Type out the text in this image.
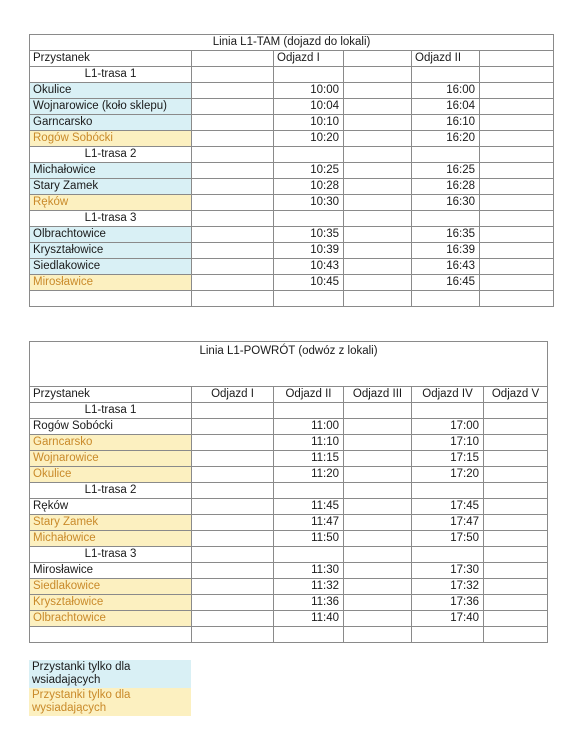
Linia L1-TAM (dojazd do lokali)					
Przystanek		Odjazd I		Odjazd II	
L1-trasa 1					
Okulice		10:00		16:00	
Wojnarowice (koło sklepu)		10:04		16:04	
Garncarsko		10:10		16:10	
Rogów Sobócki		10:20		16:20	
L1-trasa 2					
Michałowice		10:25		16:25	
Stary Zamek		10:28		16:28	
Ręków		10:30		16:30	
L1-trasa 3					
Olbrachtowice		10:35		16:35	
Kryształowice		10:39		16:39	
Siedlakowice		10:43		16:43	
Mirosławice		10:45		16:45	

Linia L1-POWRÓT (odwóz z lokali)					
Przystanek	Odjazd I	Odjazd II	Odjazd III	Odjazd IV	Odjazd V
L1-trasa 1					
Rogów Sobócki		11:00		17:00	
Garncarsko		11:10		17:10	
Wojnarowice		11:15		17:15	
Okulice		11:20		17:20	
L1-trasa 2					
Ręków		11:45		17:45	
Stary Zamek		11:47		17:47	
Michałowice		11:50		17:50	
L1-trasa 3					
Mirosławice		11:30		17:30	
Siedlakowice		11:32		17:32	
Kryształowice		11:36		17:36	
Olbrachtowice		11:40		17:40	

Przystanki tylko dla wsiadających
Przystanki tylko dla wysiadających
